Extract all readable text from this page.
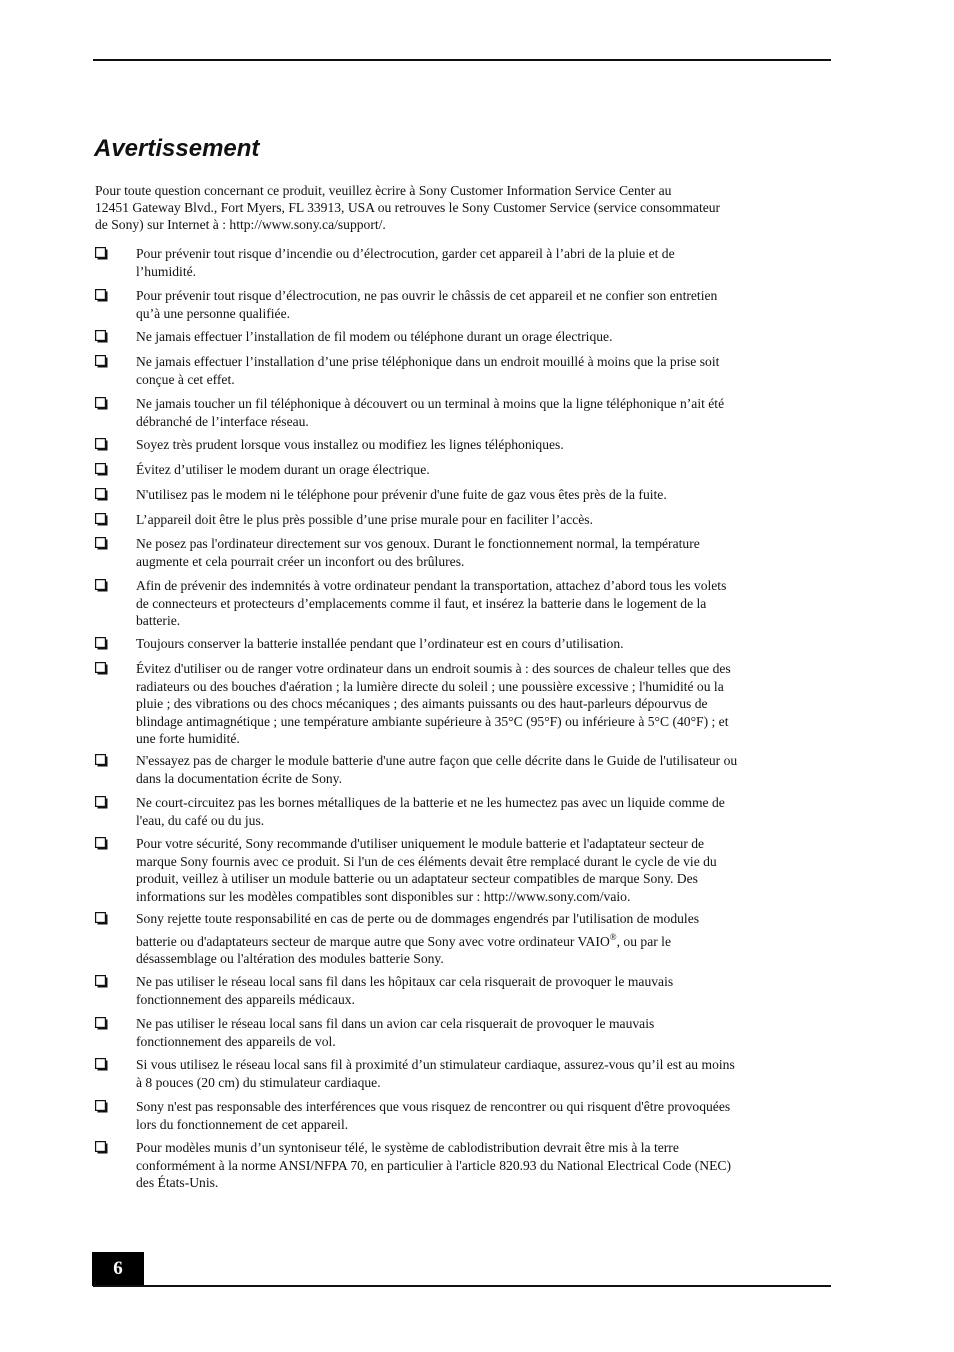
Avertissement

Pour toute question concernant ce produit, veuillez ècrire à Sony Customer Information Service Center au
12451 Gateway Blvd., Fort Myers, FL 33913, USA ou retrouves le Sony Customer Service (service consommateur
de Sony) sur Internet à : http://www.sony.ca/support/.

Pour prévenir tout risque d’incendie ou d’électrocution, garder cet appareil à l’abri de la pluie et de
l’humidité.
Pour prévenir tout risque d’électrocution, ne pas ouvrir le châssis de cet appareil et ne confier son entretien
qu’à une personne qualifiée.
Ne jamais effectuer l’installation de fil modem ou téléphone durant un orage électrique.
Ne jamais effectuer l’installation d’une prise téléphonique dans un endroit mouillé à moins que la prise soit
conçue à cet effet.
Ne jamais toucher un fil téléphonique à découvert ou un terminal à moins que la ligne téléphonique n’ait été
débranché de l’interface réseau.
Soyez très prudent lorsque vous installez ou modifiez les lignes téléphoniques.
Évitez d’utiliser le modem durant un orage électrique.
N'utilisez pas le modem ni le téléphone pour prévenir d'une fuite de gaz vous êtes près de la fuite.
L’appareil doit être le plus près possible d’une prise murale pour en faciliter l’accès.
Ne posez pas l'ordinateur directement sur vos genoux. Durant le fonctionnement normal, la température
augmente et cela pourrait créer un inconfort ou des brûlures.
Afin de prévenir des indemnités à votre ordinateur pendant la transportation, attachez d’abord tous les volets
de connecteurs et protecteurs d’emplacements comme il faut, et insérez la batterie dans le logement de la
batterie.
Toujours conserver la batterie installée pendant que l’ordinateur est en cours d’utilisation.
Évitez d'utiliser ou de ranger votre ordinateur dans un endroit soumis à : des sources de chaleur telles que des
radiateurs ou des bouches d'aération ; la lumière directe du soleil ; une poussière excessive ; l'humidité ou la
pluie ; des vibrations ou des chocs mécaniques ; des aimants puissants ou des haut-parleurs dépourvus de
blindage antimagnétique ; une température ambiante supérieure à 35°C (95°F) ou inférieure à 5°C (40°F) ; et
une forte humidité.
N'essayez pas de charger le module batterie d'une autre façon que celle décrite dans le Guide de l'utilisateur ou
dans la documentation écrite de Sony.
Ne court-circuitez pas les bornes métalliques de la batterie et ne les humectez pas avec un liquide comme de
l'eau, du café ou du jus.
Pour votre sécurité, Sony recommande d'utiliser uniquement le module batterie et l'adaptateur secteur de
marque Sony fournis avec ce produit. Si l'un de ces éléments devait être remplacé durant le cycle de vie du
produit, veillez à utiliser un module batterie ou un adaptateur secteur compatibles de marque Sony. Des
informations sur les modèles compatibles sont disponibles sur : http://www.sony.com/vaio.
Sony rejette toute responsabilité en cas de perte ou de dommages engendrés par l'utilisation de modules
batterie ou d'adaptateurs secteur de marque autre que Sony avec votre ordinateur VAIO®, ou par le
désassemblage ou l'altération des modules batterie Sony.
Ne pas utiliser le réseau local sans fil dans les hôpitaux car cela risquerait de provoquer le mauvais
fonctionnement des appareils médicaux.
Ne pas utiliser le réseau local sans fil dans un avion car cela risquerait de provoquer le mauvais
fonctionnement des appareils de vol.
Si vous utilisez le réseau local sans fil à proximité d’un stimulateur cardiaque, assurez-vous qu’il est au moins
à 8 pouces (20 cm) du stimulateur cardiaque.
Sony n'est pas responsable des interférences que vous risquez de rencontrer ou qui risquent d'être provoquées
lors du fonctionnement de cet appareil.
Pour modèles munis d’un syntoniseur télé, le système de cablodistribution devrait être mis à la terre
conformément à la norme ANSI/NFPA 70, en particulier à l'article 820.93 du National Electrical Code (NEC)
des États-Unis.
6
